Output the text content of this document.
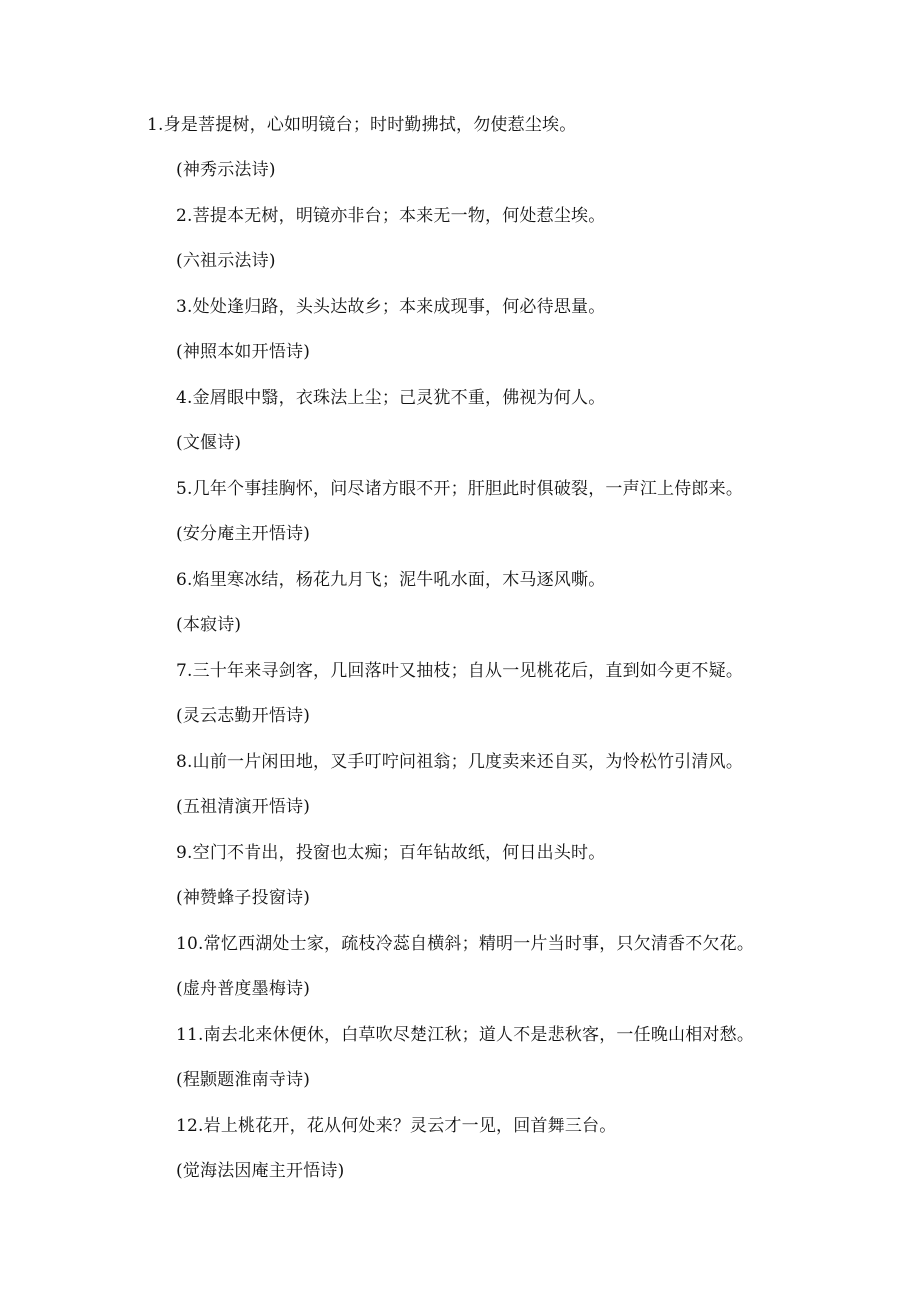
1.身是菩提树，心如明镜台；时时勤拂拭，勿使惹尘埃。
(神秀示法诗)
2.菩提本无树，明镜亦非台；本来无一物，何处惹尘埃。
(六祖示法诗)
3.处处逢归路，头头达故乡；本来成现事，何必待思量。
(神照本如开悟诗)
4.金屑眼中翳，衣珠法上尘；己灵犹不重，佛视为何人。
(文偃诗)
5.几年个事挂胸怀，问尽诸方眼不开；肝胆此时俱破裂，一声江上侍郎来。
(安分庵主开悟诗)
6.焰里寒冰结，杨花九月飞；泥牛吼水面，木马逐风嘶。
(本寂诗)
7.三十年来寻剑客，几回落叶又抽枝；自从一见桃花后，直到如今更不疑。
(灵云志勤开悟诗)
8.山前一片闲田地，叉手叮咛问祖翁；几度卖来还自买，为怜松竹引清风。
(五祖清演开悟诗)
9.空门不肯出，投窗也太痴；百年钻故纸，何日出头时。
(神赞蜂子投窗诗)
10.常忆西湖处士家，疏枝冷蕊自横斜；精明一片当时事，只欠清香不欠花。
(虚舟普度墨梅诗)
11.南去北来休便休，白草吹尽楚江秋；道人不是悲秋客，一任晚山相对愁。
(程颢题淮南寺诗)
12.岩上桃花开，花从何处来？灵云才一见，回首舞三台。
(觉海法因庵主开悟诗)
